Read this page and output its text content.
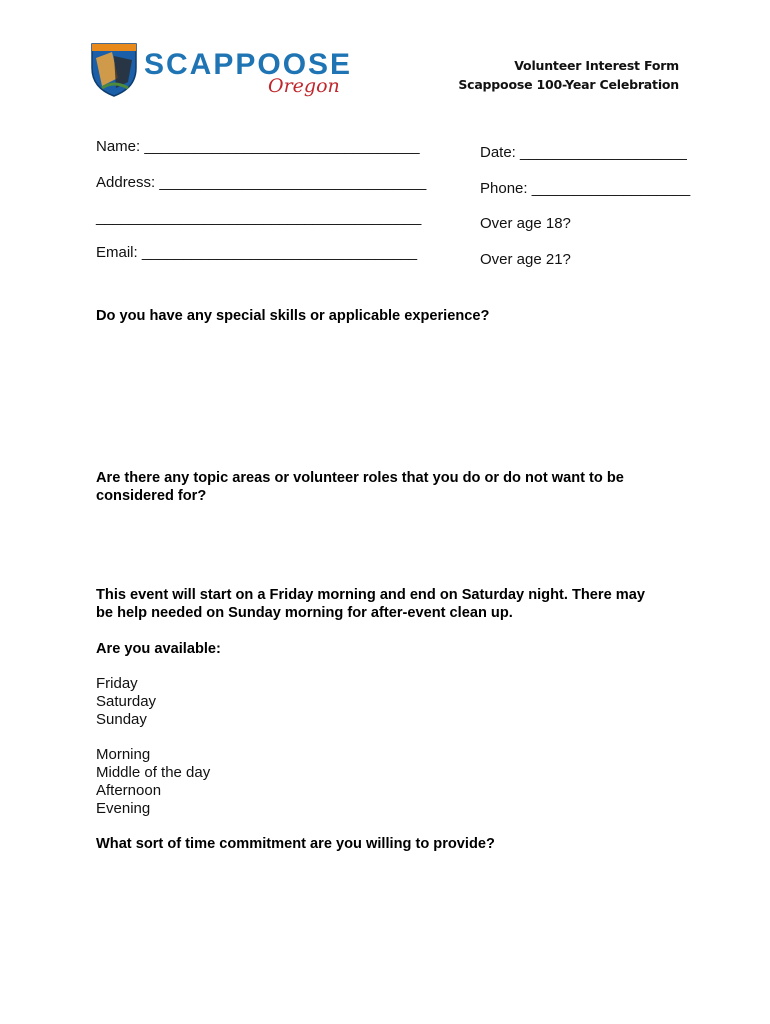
SCAPPOOSE
Oregon
Volunteer Interest Form
Scappoose 100-Year Celebration
Name: _________________________________
Address: ________________________________
_______________________________________
Email: _________________________________
Date: ____________________
Phone: ___________________
Over age 18?
Over age 21?
Do you have any special skills or applicable experience?
Are there any topic areas or volunteer roles that you do or do not want to be
considered for?
This event will start on a Friday morning and end on Saturday night. There may
be help needed on Sunday morning for after-event clean up.
Are you available:
Friday
Saturday
Sunday
Morning
Middle of the day
Afternoon
Evening
What sort of time commitment are you willing to provide?
